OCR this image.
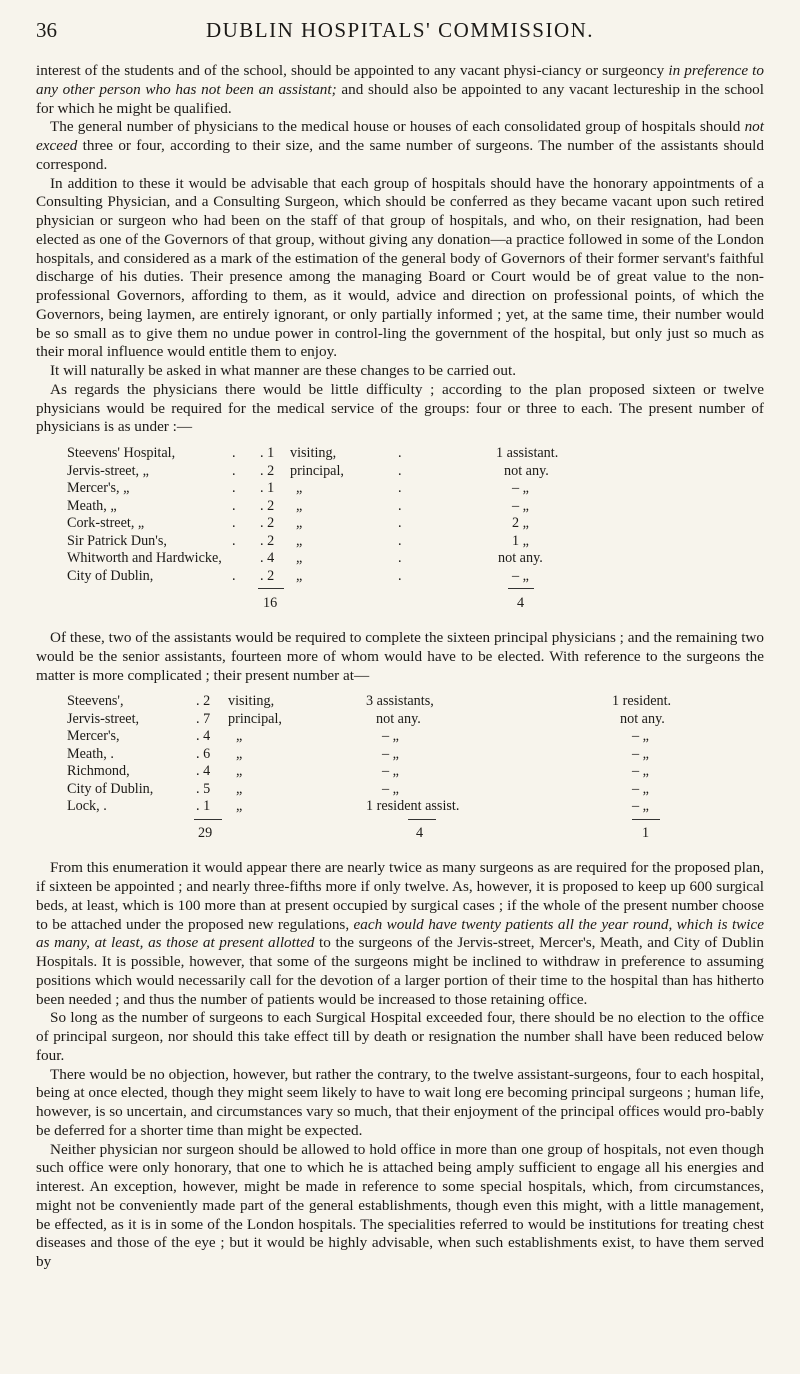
36	DUBLIN HOSPITALS' COMMISSION.

interest of the students and of the school, should be appointed to any vacant physi-ciancy or surgeoncy in preference to any other person who has not been an assistant; and should also be appointed to any vacant lectureship in the school for which he might be qualified.

The general number of physicians to the medical house or houses of each consolidated group of hospitals should not exceed three or four, according to their size, and the same number of surgeons. The number of the assistants should correspond.

In addition to these it would be advisable that each group of hospitals should have the honorary appointments of a Consulting Physician, and a Consulting Surgeon, which should be conferred as they became vacant upon such retired physician or surgeon who had been on the staff of that group of hospitals, and who, on their resignation, had been elected as one of the Governors of that group, without giving any donation—a practice followed in some of the London hospitals, and considered as a mark of the estimation of the general body of Governors of their former servant's faithful discharge of his duties. Their presence among the managing Board or Court would be of great value to the non-professional Governors, affording to them, as it would, advice and direction on professional points, of which the Governors, being laymen, are entirely ignorant, or only partially informed ; yet, at the same time, their number would be so small as to give them no undue power in control-ling the government of the hospital, but only just so much as their moral influence would entitle them to enjoy.

It will naturally be asked in what manner are these changes to be carried out.

As regards the physicians there would be little difficulty ; according to the plan proposed sixteen or twelve physicians would be required for the medical service of the groups: four or three to each. The present number of physicians is as under :—

Steevens' Hospital,	. . 1 visiting,	.	1 assistant.
Jervis-street, „	. . 2 principal,	.	not any.
Mercer's, „	. . 1 „	.	– „
Meath, „	. . 2 „	.	– „
Cork-street, „	. . 2 „	.	2 „
Sir Patrick Dun's,	. . 2 „	.	1 „
Whitworth and Hardwicke,	. 4 „	.	not any.
City of Dublin,	. . 2 „	.	– „
16	4

Of these, two of the assistants would be required to complete the sixteen principal physicians ; and the remaining two would be the senior assistants, fourteen more of whom would have to be elected. With reference to the surgeons the matter is more complicated ; their present number at—

Steevens',	. 2 visiting,	3 assistants,	1 resident.
Jervis-street,	. 7 principal,	not any.	not any.
Mercer's,	. 4 „	– „	– „
Meath, .	. 6 „	– „	– „
Richmond,	. 4 „	– „	– „
City of Dublin,	. 5 „	– „	– „
Lock, .	. 1 „	1 resident assist.	– „
29	4	1

From this enumeration it would appear there are nearly twice as many surgeons as are required for the proposed plan, if sixteen be appointed ; and nearly three-fifths more if only twelve. As, however, it is proposed to keep up 600 surgical beds, at least, which is 100 more than at present occupied by surgical cases ; if the whole of the present number choose to be attached under the proposed new regulations, each would have twenty patients all the year round, which is twice as many, at least, as those at present allotted to the surgeons of the Jervis-street, Mercer's, Meath, and City of Dublin Hospitals. It is possible, however, that some of the surgeons might be inclined to withdraw in preference to assuming positions which would necessarily call for the devotion of a larger portion of their time to the hospital than has hitherto been needed ; and thus the number of patients would be increased to those retaining office.

So long as the number of surgeons to each Surgical Hospital exceeded four, there should be no election to the office of principal surgeon, nor should this take effect till by death or resignation the number shall have been reduced below four.

There would be no objection, however, but rather the contrary, to the twelve assistant-surgeons, four to each hospital, being at once elected, though they might seem likely to have to wait long ere becoming principal surgeons ; human life, however, is so uncertain, and circumstances vary so much, that their enjoyment of the principal offices would pro-bably be deferred for a shorter time than might be expected.

Neither physician nor surgeon should be allowed to hold office in more than one group of hospitals, not even though such office were only honorary, that one to which he is attached being amply sufficient to engage all his energies and interest. An exception, however, might be made in reference to some special hospitals, which, from circumstances, might not be conveniently made part of the general establishments, though even this might, with a little management, be effected, as it is in some of the London hospitals. The specialities referred to would be institutions for treating chest diseases and those of the eye ; but it would be highly advisable, when such establishments exist, to have them served by
